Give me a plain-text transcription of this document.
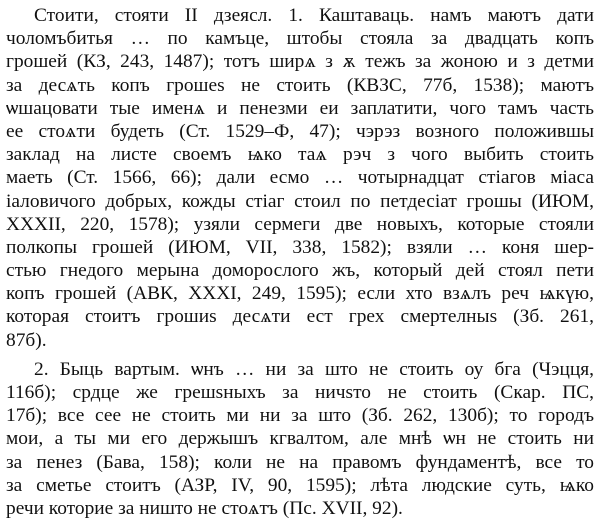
Стоити, стояти II дзеясл. 1. Каштаваць. намъ маютъ дати
чоломъбитья … по камъце, штобы стояла за двадцать копъ
грошей (КЗ, 243, 1487); тотъ ширѧ з ѫ тежъ за жоною и з детми
за десѧть копъ грошеѕ не стоить (КВЗС, 77б, 1538); маютъ
ѡшацовати тые именѧ и пенезми еи заплатити, чого тамъ часть
ее стоѧти будеть (Ст. 1529–Ф, 47); чэрэз возного положившы
заклад на листе своемъ ѩко таѧ рэч з чого выбить стоить
маеть (Ст. 1566, 66); дали есмо … чотырнадцат стіагов міаса
іаловичого добрых, кожды стіаг стоил по петдесіат грошы (ИЮМ,
XXXII, 220, 1578); узяли сермеги две новыхъ, которые стояли
полкопы грошей (ИЮМ, VII, 338, 1582); взяли … коня шер-
стью гнедого мерына доморослого жъ, который дей стоял пети
копъ грошей (АВК, XXXI, 249, 1595); если хто взѧлъ реч ѩкүю,
которая стоитъ грошиѕ десѧти ест грех смертелныѕ (Зб. 261,
87б).
2. Быць вартым. ѡнъ … ни за што не стоить оу бга (Чэцця,
116б); срдце же грешѕныхъ за ничѕто не стоить (Скар. ПС,
17б); все сее не стоить ми ни за што (Зб. 262, 130б); то городъ
мои, а ты ми его держышъ кгвалтом, але мнѣ ѡн не стоить ни
за пенез (Бава, 158); коли не на правомъ фундаментѣ, все то
за сметье стоитъ (АЗР, IV, 90, 1595); лѣта людские суть, ѩко
речи которие за ништо не стоѧтъ (Пс. XVII, 92).
